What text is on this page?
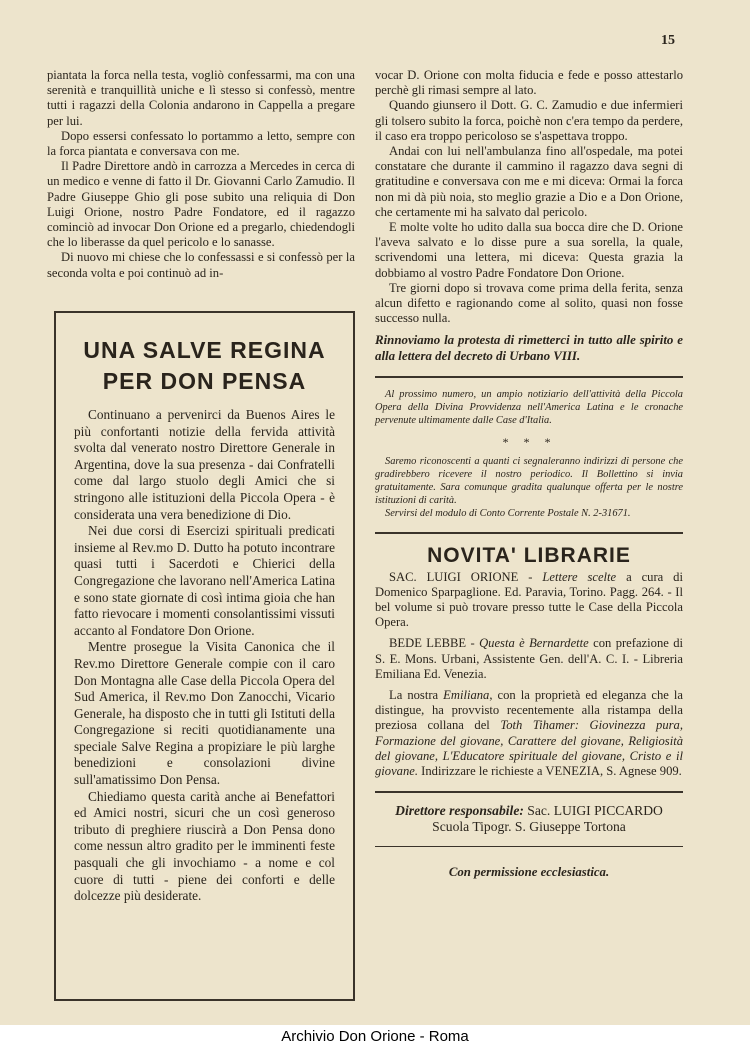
15

piantata la forca nella testa, vogliò confessarmi, ma con una serenità e tranquillità uniche e lì stesso si confessò, mentre tutti i ragazzi della Colonia andarono in Cappella a pregare per lui.

Dopo essersi confessato lo portammo a letto, sempre con la forca piantata e conversava con me.

Il Padre Direttore andò in carrozza a Mercedes in cerca di un medico e venne di fatto il Dr. Giovanni Carlo Zamudio. Il Padre Giuseppe Ghio gli pose subito una reliquia di Don Luigi Orione, nostro Padre Fondatore, ed il ragazzo cominciò ad invocar Don Orione ed a pregarlo, chiedendogli che lo liberasse da quel pericolo e lo sanasse.

Di nuovo mi chiese che lo confessassi e si confessò per la seconda volta e poi continuò ad in-

UNA SALVE REGINA
PER DON PENSA

Continuano a pervenirci da Buenos Aires le più confortanti notizie della fervida attività svolta dal venerato nostro Direttore Generale in Argentina, dove la sua presenza - dai Confratelli come dal largo stuolo degli Amici che si stringono alle istituzioni della Piccola Opera - è considerata una vera benedizione di Dio.

Nei due corsi di Esercizi spirituali predicati insieme al Rev.mo D. Dutto ha potuto incontrare quasi tutti i Sacerdoti e Chierici della Congregazione che lavorano nell'America Latina e sono state giornate di così intima gioia che han fatto rievocare i momenti consolantissimi vissuti accanto al Fondatore Don Orione.

Mentre prosegue la Visita Canonica che il Rev.mo Direttore Generale compie con il caro Don Montagna alle Case della Piccola Opera del Sud America, il Rev.mo Don Zanocchi, Vicario Generale, ha disposto che in tutti gli Istituti della Congregazione si reciti quotidianamente una speciale Salve Regina a propiziare le più larghe benedizioni e consolazioni divine sull'amatissimo Don Pensa.

Chiediamo questa carità anche ai Benefattori ed Amici nostri, sicuri che un così generoso tributo di preghiere riuscirà a Don Pensa dono come nessun altro gradito per le imminenti feste pasquali che gli invochiamo - a nome e col cuore di tutti - piene dei conforti e delle dolcezze più desiderate.

vocar D. Orione con molta fiducia e fede e posso attestarlo perchè gli rimasi sempre al lato.

Quando giunsero il Dott. G. C. Zamudio e due infermieri gli tolsero subito la forca, poichè non c'era tempo da perdere, il caso era troppo pericoloso se s'aspettava troppo.

Andai con lui nell'ambulanza fino all'ospedale, ma potei constatare che durante il cammino il ragazzo dava segni di gratitudine e conversava con me e mi diceva: Ormai la forca non mi dà più noia, sto meglio grazie a Dio e a Don Orione, che certamente mi ha salvato dal pericolo.

E molte volte ho udito dalla sua bocca dire che D. Orione l'aveva salvato e lo disse pure a sua sorella, la quale, scrivendomi una lettera, mi diceva: Questa grazia la dobbiamo al vostro Padre Fondatore Don Orione.

Tre giorni dopo si trovava come prima della ferita, senza alcun difetto e ragionando come al solito, quasi non fosse successo nulla.

Rinnoviamo la protesta di rimetterci in tutto alle spirito e alla lettera del decreto di Urbano VIII.

Al prossimo numero, un ampio notiziario dell'attività della Piccola Opera della Divina Provvidenza nell'America Latina e le cronache pervenute ultimamente dalle Case d'Italia.

* * *

Saremo riconoscenti a quanti ci segnaleranno indirizzi di persone che gradirebbero ricevere il nostro periodico. Il Bollettino si invia gratuitamente. Sara comunque gradita qualunque offerta per le nostre istituzioni di carità.

Servirsi del modulo di Conto Corrente Postale N. 2-31671.

NOVITA' LIBRARIE

SAC. LUIGI ORIONE - Lettere scelte a cura di Domenico Sparpaglione. Ed. Paravia, Torino. Pagg. 264. - Il bel volume si può trovare presso tutte le Case della Piccola Opera.

BEDE LEBBE - Questa è Bernardette con prefazione di S. E. Mons. Urbani, Assistente Gen. dell'A. C. I. - Libreria Emiliana Ed. Venezia.

La nostra Emiliana, con la proprietà ed eleganza che la distingue, ha provvisto recentemente alla ristampa della preziosa collana del Toth Tihamer: Giovinezza pura, Formazione del giovane, Carattere del giovane, Religiosità del giovane, L'Educatore spirituale del giovane, Cristo e il giovane. Indirizzare le richieste a VENEZIA, S. Agnese 909.

Direttore responsabile: Sac. LUIGI PICCARDO
Scuola Tipogr. S. Giuseppe Tortona
Con permissione ecclesiastica.
Archivio Don Orione - Roma
